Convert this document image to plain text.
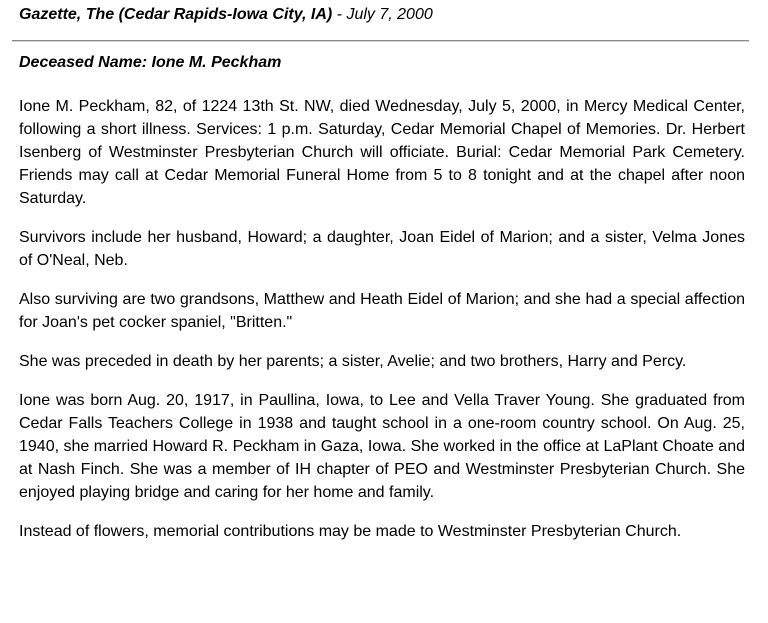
Gazette, The (Cedar Rapids-Iowa City, IA) - July 7, 2000
Deceased Name: Ione M. Peckham

Ione M. Peckham, 82, of 1224 13th St. NW, died Wednesday, July 5, 2000, in Mercy Medical Center, following a short illness. Services: 1 p.m. Saturday, Cedar Memorial Chapel of Memories. Dr. Herbert Isenberg of Westminster Presbyterian Church will officiate. Burial: Cedar Memorial Park Cemetery. Friends may call at Cedar Memorial Funeral Home from 5 to 8 tonight and at the chapel after noon Saturday.

Survivors include her husband, Howard; a daughter, Joan Eidel of Marion; and a sister, Velma Jones of O'Neal, Neb.

Also surviving are two grandsons, Matthew and Heath Eidel of Marion; and she had a special affection for Joan's pet cocker spaniel, "Britten."

She was preceded in death by her parents; a sister, Avelie; and two brothers, Harry and Percy.

Ione was born Aug. 20, 1917, in Paullina, Iowa, to Lee and Vella Traver Young. She graduated from Cedar Falls Teachers College in 1938 and taught school in a one-room country school. On Aug. 25, 1940, she married Howard R. Peckham in Gaza, Iowa. She worked in the office at LaPlant Choate and at Nash Finch. She was a member of IH chapter of PEO and Westminster Presbyterian Church. She enjoyed playing bridge and caring for her home and family.

Instead of flowers, memorial contributions may be made to Westminster Presbyterian Church.
